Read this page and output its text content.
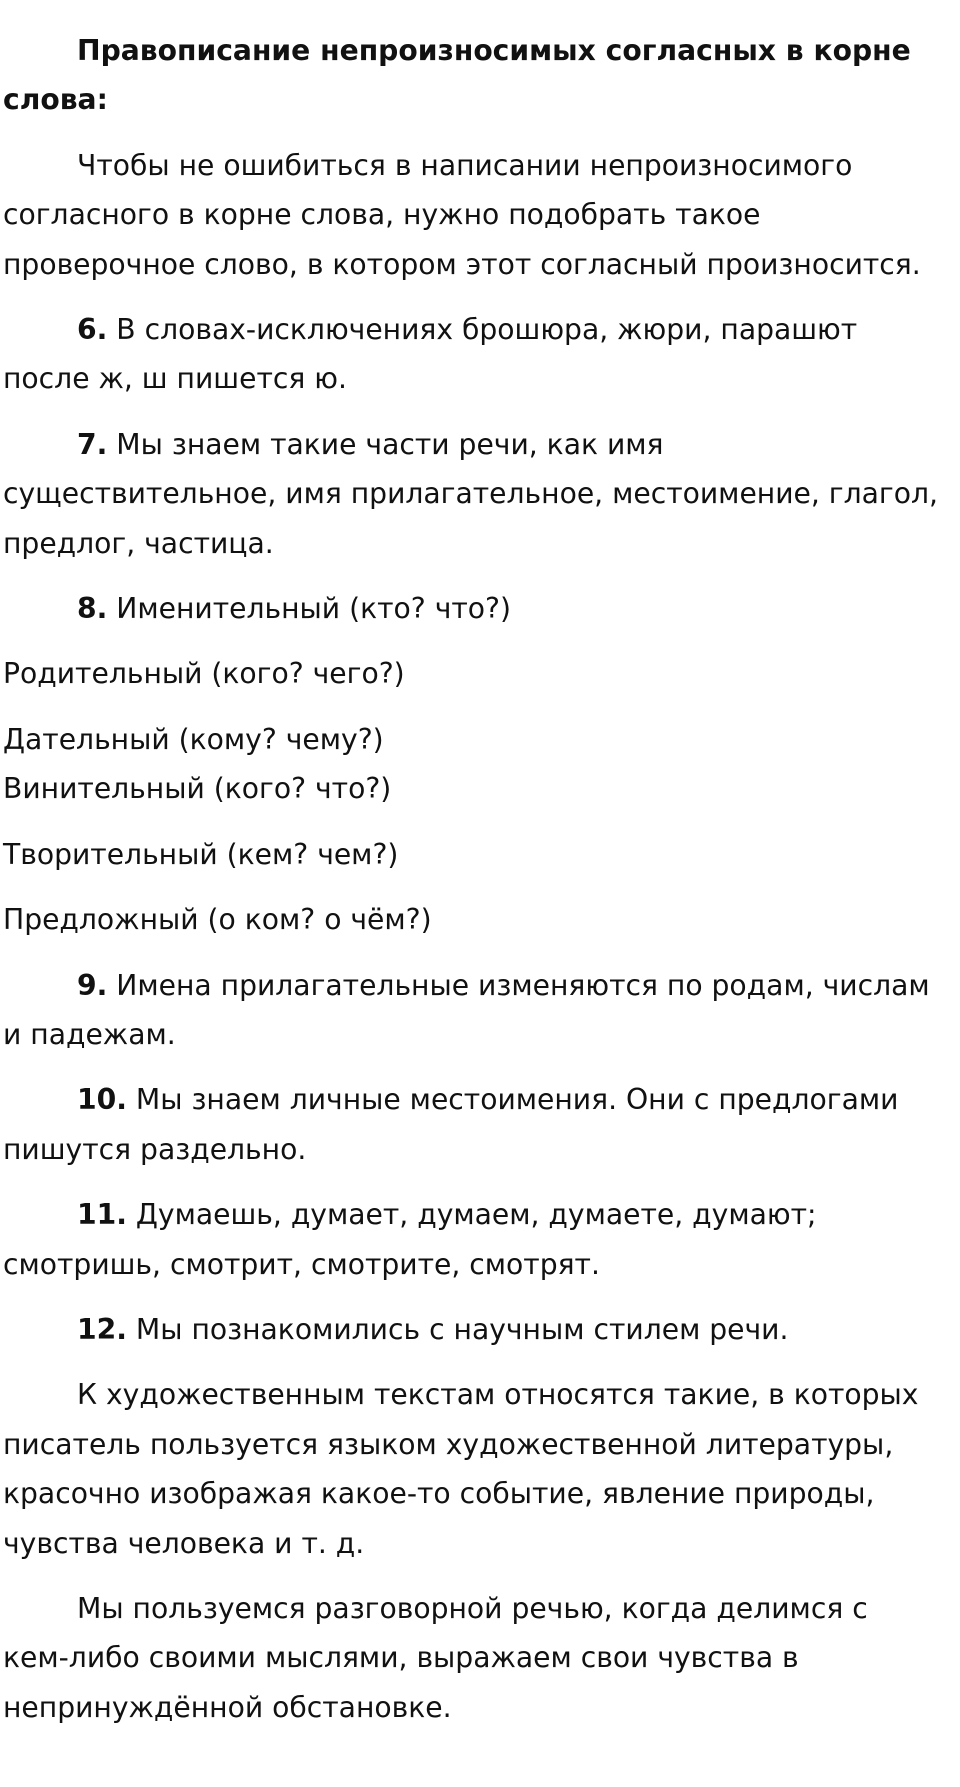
Правописание непроизносимых согласных в корне слова:

Чтобы не ошибиться в написании непроизносимого согласного в корне слова, нужно подобрать такое проверочное слово, в котором этот согласный произносится.

6. В словах-исключениях брошюра, жюри, парашют после ж, ш пишется ю.

7. Мы знаем такие части речи, как имя существительное, имя прилагательное, местоимение, глагол, предлог, частица.

8. Именительный (кто? что?)

Родительный (кого? чего?)

Дательный (кому? чему?)

Винительный (кого? что?)

Творительный (кем? чем?)

Предложный (о ком? о чём?)

9. Имена прилагательные изменяются по родам, числам и падежам.

10. Мы знаем личные местоимения. Они с предлогами пишутся раздельно.

11. Думаешь, думает, думаем, думаете, думают; смотришь, смотрит, смотрите, смотрят.

12. Мы познакомились с научным стилем речи.

К художественным текстам относятся такие, в которых писатель пользуется языком художественной литературы, красочно изображая какое-то событие, явление природы, чувства человека и т. д.

Мы пользуемся разговорной речью, когда делимся с кем-либо своими мыслями, выражаем свои чувства в непринуждённой обстановке.
